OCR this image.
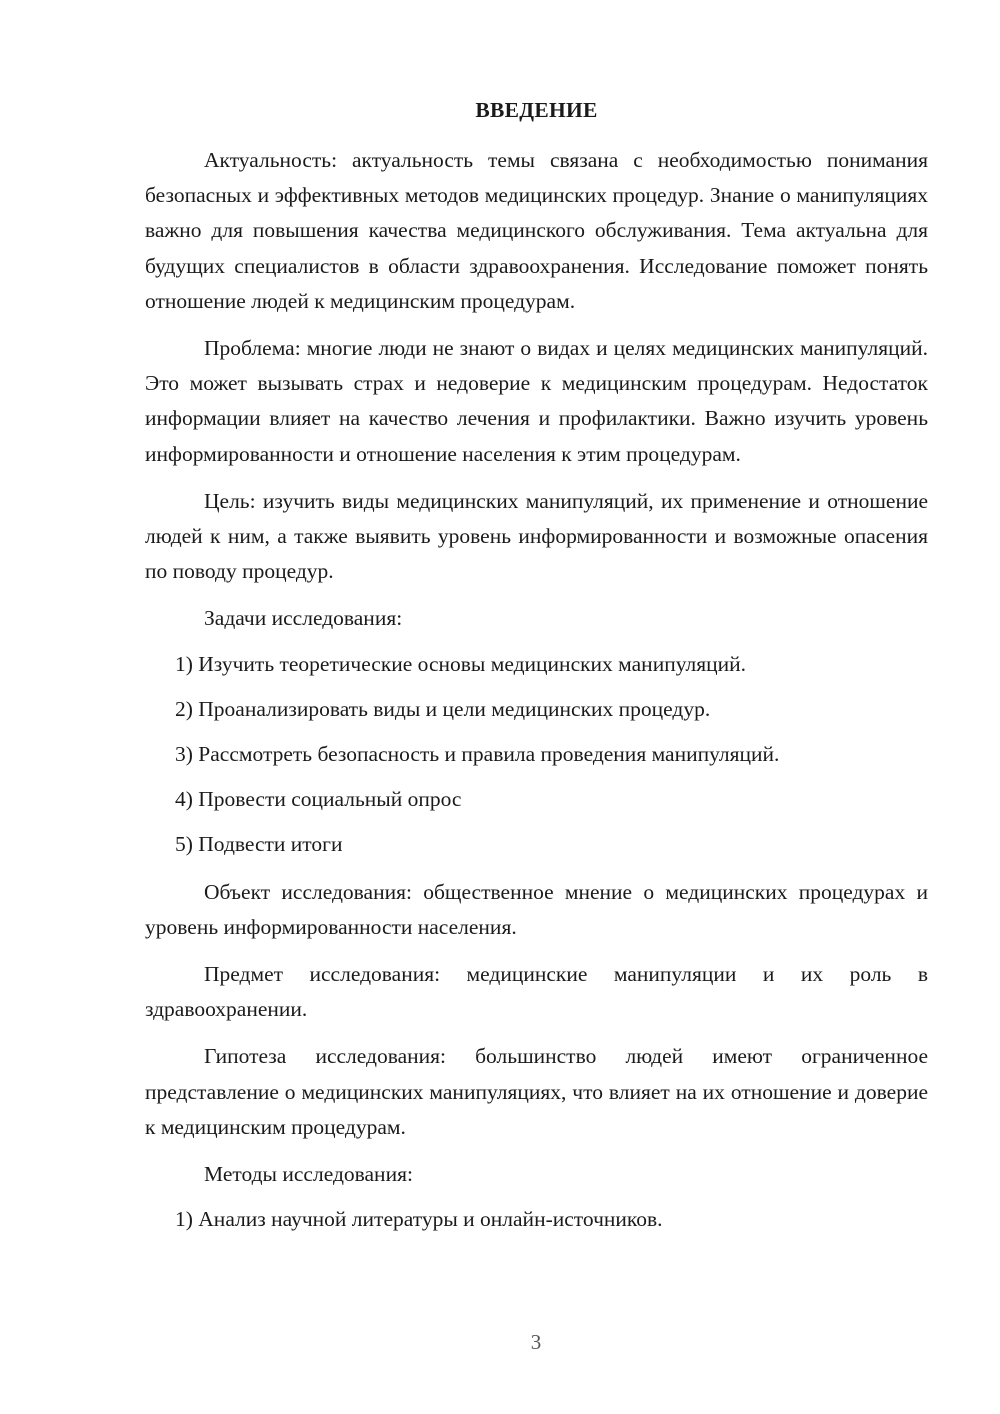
ВВЕДЕНИЕ

Актуальность: актуальность темы связана с необходимостью понимания безопасных и эффективных методов медицинских процедур. Знание о манипуляциях важно для повышения качества медицинского обслуживания. Тема актуальна для будущих специалистов в области здравоохранения. Исследование поможет понять отношение людей к медицинским процедурам.

Проблема: многие люди не знают о видах и целях медицинских манипуляций. Это может вызывать страх и недоверие к медицинским процедурам. Недостаток информации влияет на качество лечения и профилактики. Важно изучить уровень информированности и отношение населения к этим процедурам.

Цель: изучить виды медицинских манипуляций, их применение и отношение людей к ним, а также выявить уровень информированности и возможные опасения по поводу процедур.

Задачи исследования:

1) Изучить теоретические основы медицинских манипуляций.
2) Проанализировать виды и цели медицинских процедур.
3) Рассмотреть безопасность и правила проведения манипуляций.
4) Провести социальный опрос
5) Подвести итоги

Объект исследования: общественное мнение о медицинских процедурах и уровень информированности населения.

Предмет исследования: медицинские манипуляции и их роль в здравоохранении.

Гипотеза исследования: большинство людей имеют ограниченное представление о медицинских манипуляциях, что влияет на их отношение и доверие к медицинским процедурам.

Методы исследования:

1) Анализ научной литературы и онлайн-источников.
3
